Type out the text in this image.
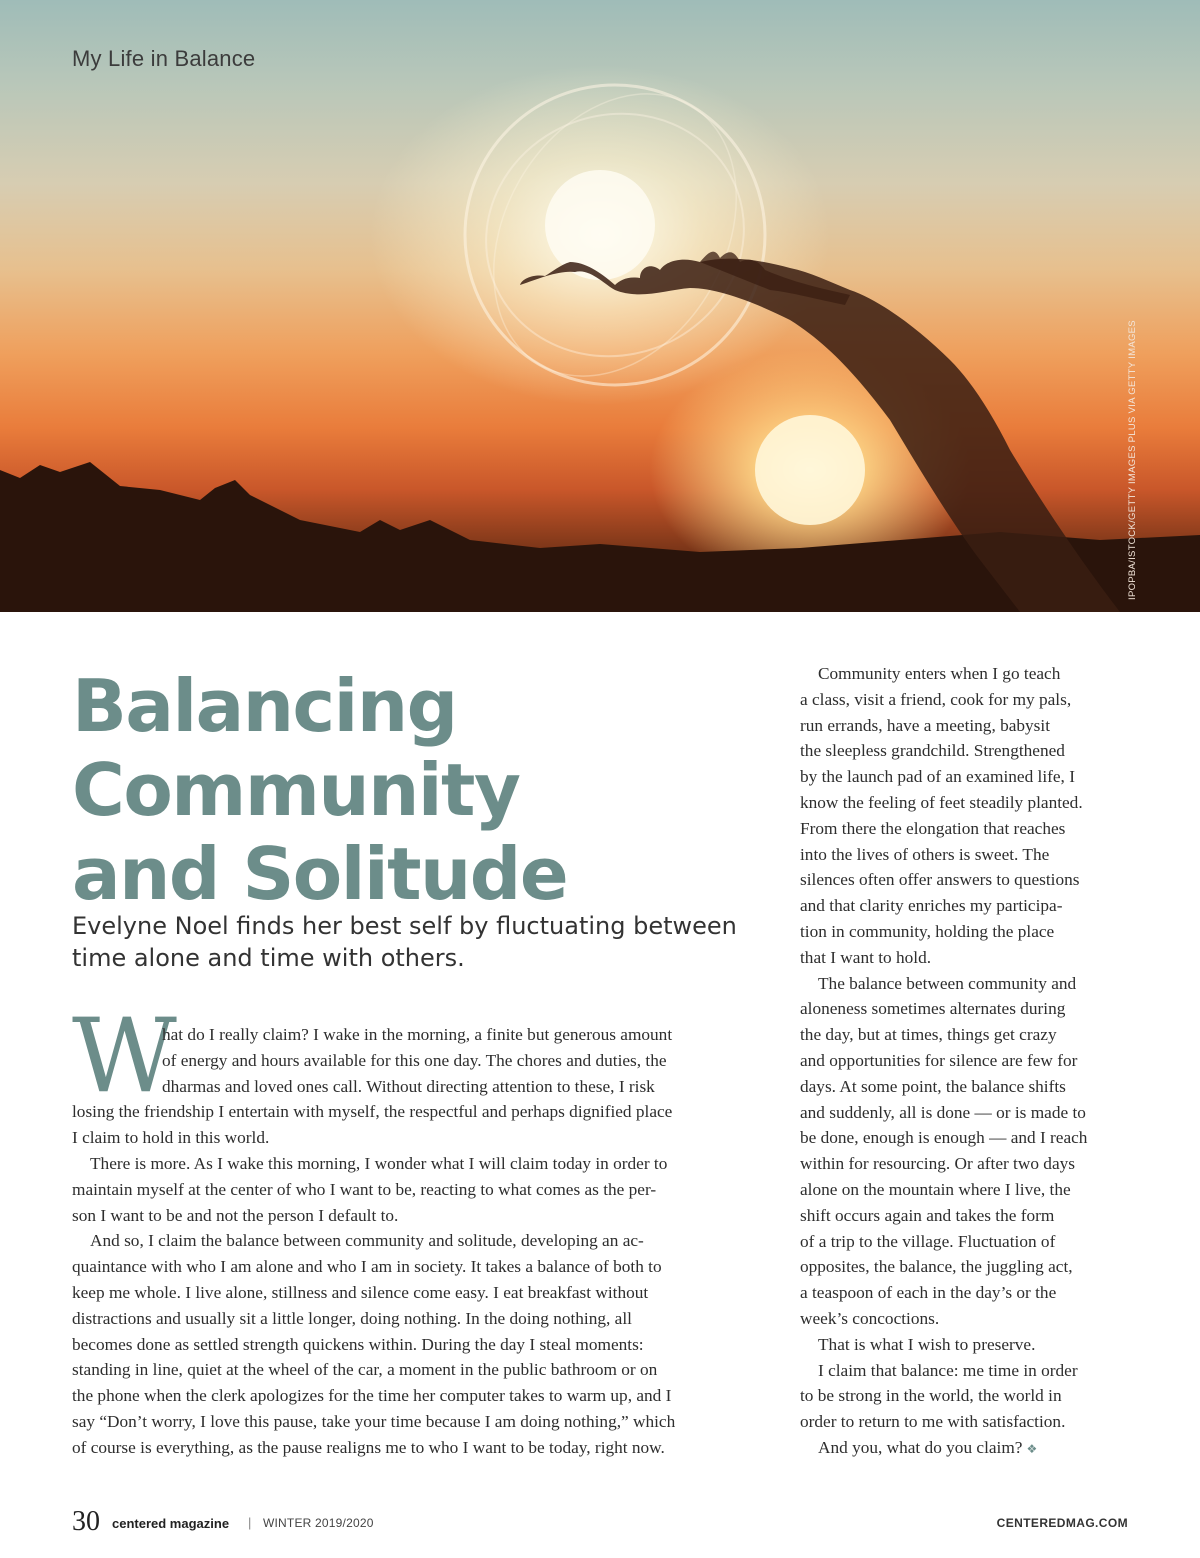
My Life in Balance
IPOPBA/ISTOCK/GETTY IMAGES PLUS VIA GETTY IMAGES
Balancing
Community
and Solitude

Evelyne Noel finds her best self by fluctuating between
time alone and time with others.

W
hat do I really claim? I wake in the morning, a finite but generous amount
of energy and hours available for this one day. The chores and duties, the
dharmas and loved ones call. Without directing attention to these, I risk
losing the friendship I entertain with myself, the respectful and perhaps dignified place
I claim to hold in this world.
There is more. As I wake this morning, I wonder what I will claim today in order to
maintain myself at the center of who I want to be, reacting to what comes as the per-
son I want to be and not the person I default to.
And so, I claim the balance between community and solitude, developing an ac-
quaintance with who I am alone and who I am in society. It takes a balance of both to
keep me whole. I live alone, stillness and silence come easy. I eat breakfast without
distractions and usually sit a little longer, doing nothing. In the doing nothing, all
becomes done as settled strength quickens within. During the day I steal moments:
standing in line, quiet at the wheel of the car, a moment in the public bathroom or on
the phone when the clerk apologizes for the time her computer takes to warm up, and I
say “Don’t worry, I love this pause, take your time because I am doing nothing,” which
of course is everything, as the pause realigns me to who I want to be today, right now.
Community enters when I go teach
a class, visit a friend, cook for my pals,
run errands, have a meeting, babysit
the sleepless grandchild. Strengthened
by the launch pad of an examined life, I
know the feeling of feet steadily planted.
From there the elongation that reaches
into the lives of others is sweet. The
silences often offer answers to questions
and that clarity enriches my participa-
tion in community, holding the place
that I want to hold.
The balance between community and
aloneness sometimes alternates during
the day, but at times, things get crazy
and opportunities for silence are few for
days. At some point, the balance shifts
and suddenly, all is done — or is made to
be done, enough is enough — and I reach
within for resourcing. Or after two days
alone on the mountain where I live, the
shift occurs again and takes the form
of a trip to the village. Fluctuation of
opposites, the balance, the juggling act,
a teaspoon of each in the day’s or the
week’s concoctions.
That is what I wish to preserve.
I claim that balance: me time in order
to be strong in the world, the world in
order to return to me with satisfaction.
And you, what do you claim? ❖
30 centered magazine | WINTER 2019/2020	CENTEREDMAG.COM
